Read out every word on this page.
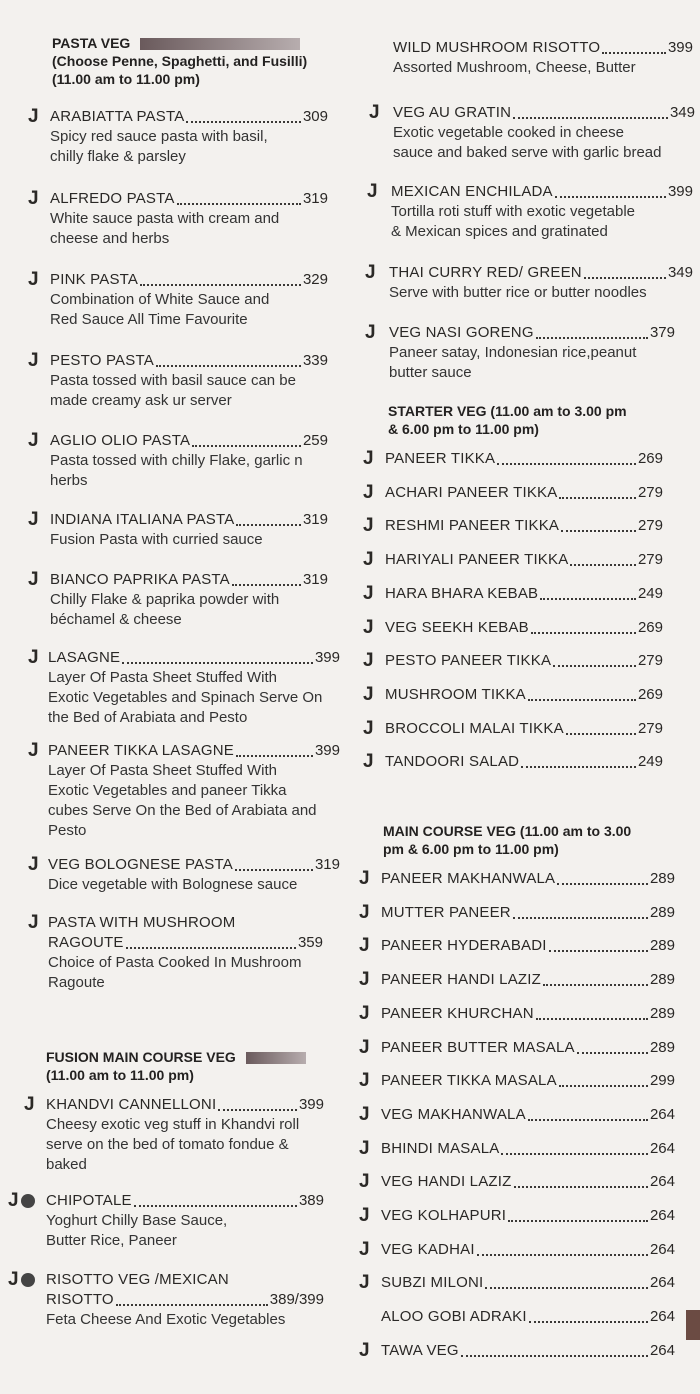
PASTA VEG
(Choose Penne, Spaghetti, and Fusilli)
(11.00 am to 11.00 pm)
J ARABIATTA PASTA	309
Spicy red sauce pasta with basil,
chilly flake & parsley
J ALFREDO PASTA	319
White sauce pasta with cream and
cheese and herbs
J PINK PASTA	329
Combination of White Sauce and
Red Sauce All Time Favourite
J PESTO PASTA	339
Pasta tossed with basil sauce can be
made creamy ask ur server
J AGLIO OLIO PASTA	259
Pasta tossed with chilly Flake, garlic n
herbs
J INDIANA ITALIANA PASTA	319
Fusion Pasta with curried sauce
J BIANCO PAPRIKA PASTA	319
Chilly Flake & paprika powder with
béchamel & cheese
J LASAGNE	399
Layer Of Pasta Sheet Stuffed With
Exotic Vegetables and Spinach Serve On
the Bed of Arabiata and Pesto
J PANEER TIKKA LASAGNE	399
Layer Of Pasta Sheet Stuffed With
Exotic Vegetables and paneer Tikka
cubes Serve On the Bed of Arabiata and
Pesto
J VEG BOLOGNESE PASTA	319
Dice vegetable with Bolognese sauce
J PASTA WITH MUSHROOM
RAGOUTE	359
Choice of Pasta Cooked In Mushroom
Ragoute
FUSION MAIN COURSE VEG
(11.00 am to 11.00 pm)
J KHANDVI CANNELLONI	399
Cheesy exotic veg stuff in Khandvi roll
serve on the bed of tomato fondue &
baked
J	CHIPOTALE	389
Yoghurt Chilly Base Sauce,
Butter Rice, Paneer
J	RISOTTO VEG /MEXICAN
RISOTTO	389/399
Feta Cheese And Exotic Vegetables
WILD MUSHROOM RISOTTO	399
Assorted Mushroom, Cheese, Butter
J VEG AU GRATIN	349
Exotic vegetable cooked in cheese
sauce and baked serve with garlic bread
J MEXICAN ENCHILADA	399
Tortilla roti stuff with exotic vegetable
& Mexican spices and gratinated
J THAI CURRY RED/ GREEN	349
Serve with butter rice or butter noodles
J VEG NASI GORENG	379
Paneer satay, Indonesian rice,peanut
butter sauce
STARTER VEG (11.00 am to 3.00 pm
& 6.00 pm to 11.00 pm)
J PANEER TIKKA	269
J ACHARI PANEER TIKKA	279
J RESHMI PANEER TIKKA	279
J HARIYALI PANEER TIKKA	279
J HARA BHARA KEBAB	249
J VEG SEEKH KEBAB	269
J PESTO PANEER TIKKA	279
J MUSHROOM TIKKA	269
J BROCCOLI MALAI TIKKA	279
J TANDOORI SALAD	249
MAIN COURSE VEG (11.00 am to 3.00
pm & 6.00 pm to 11.00 pm)
J PANEER MAKHANWALA	289
J MUTTER PANEER	289
J PANEER HYDERABADI	289
J PANEER HANDI LAZIZ	289
J PANEER KHURCHAN	289
J PANEER BUTTER MASALA	289
J PANEER TIKKA MASALA	299
J VEG MAKHANWALA	264
J BHINDI MASALA	264
J VEG HANDI LAZIZ	264
J VEG KOLHAPURI	264
J VEG KADHAI	264
J SUBZI MILONI	264
ALOO GOBI ADRAKI	264
J TAWA VEG	264
